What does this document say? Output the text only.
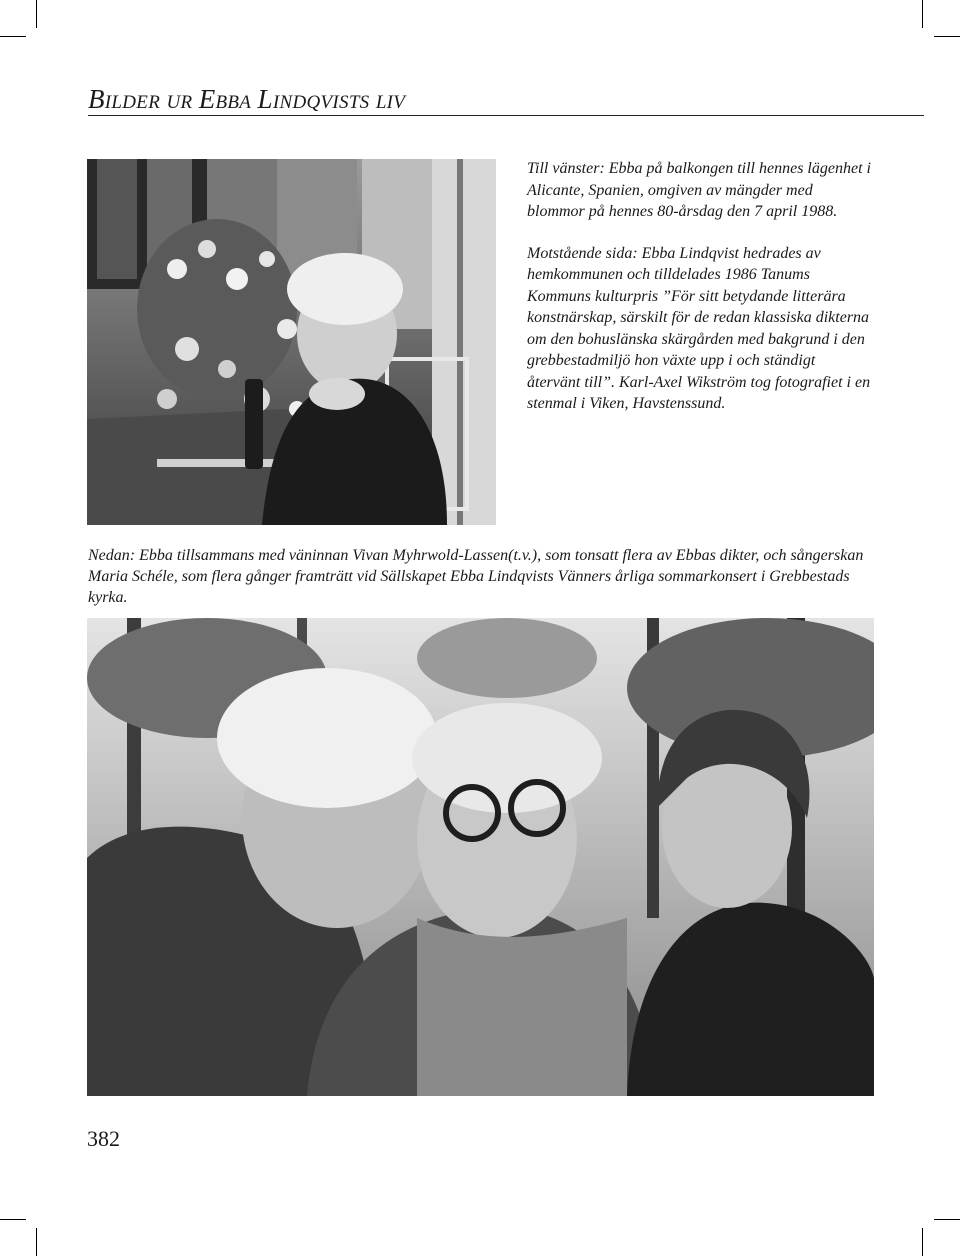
BILDER UR EBBA LINDQVISTS LIV

Till vänster: Ebba på balkongen till hennes lägenhet i Alicante, Spanien, omgiven av mängder med blommor på hennes 80-årsdag den 7 april 1988.

Motstående sida: Ebba Lindqvist hedrades av hemkommunen och tilldelades 1986 Tanums Kommuns kulturpris ”För sitt betydande litterära konstnärskap, särskilt för de redan klassiska dikterna om den bohuslänska skärgården med bakgrund i den grebbestadmiljö hon växte upp i och ständigt återvänt till”. Karl-Axel Wikström tog fotografiet i en stenmal i Viken, Havstenssund.

Nedan: Ebba tillsammans med väninnan Vivan Myhrwold-Lassen(t.v.), som tonsatt flera av Ebbas dikter, och sångerskan Maria Schéle, som flera gånger framträtt vid Sällskapet Ebba Lindqvists Vänners årliga sommarkonsert i Grebbestads kyrka.
382
